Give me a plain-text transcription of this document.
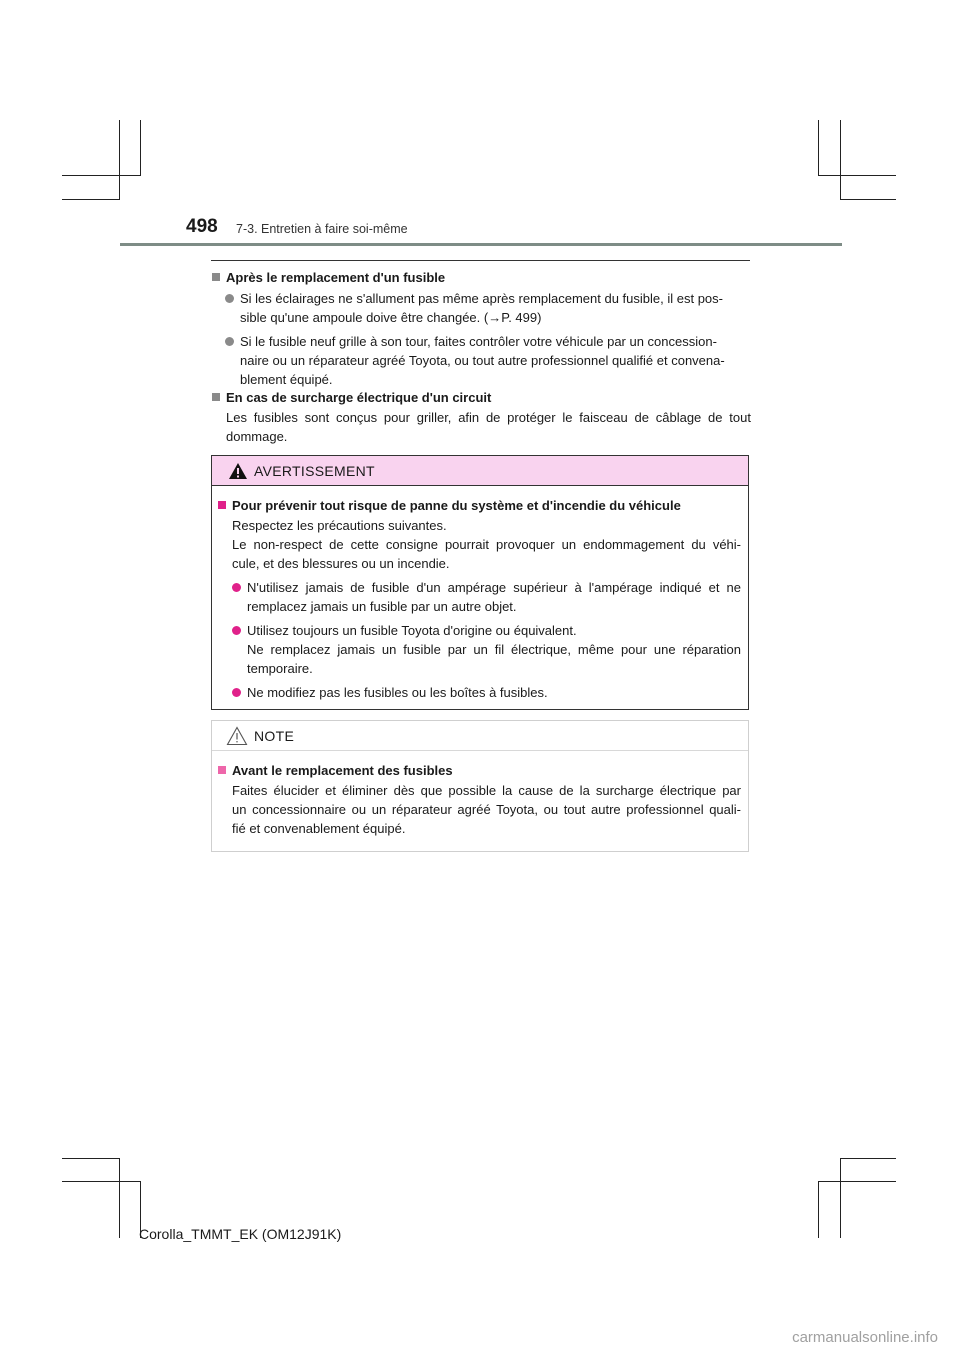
498 7-3. Entretien à faire soi-même
Après le remplacement d'un fusible
Si les éclairages ne s'allument pas même après remplacement du fusible, il est pos-
sible qu'une ampoule doive être changée. (→P. 499)
Si le fusible neuf grille à son tour, faites contrôler votre véhicule par un concession-
naire ou un réparateur agréé Toyota, ou tout autre professionnel qualifié et convena-
blement équipé.
En cas de surcharge électrique d'un circuit
Les fusibles sont conçus pour griller, afin de protéger le faisceau de câblage de tout
dommage.
AVERTISSEMENT
Pour prévenir tout risque de panne du système et d'incendie du véhicule
Respectez les précautions suivantes.
Le non-respect de cette consigne pourrait provoquer un endommagement du véhi-
cule, et des blessures ou un incendie.
N'utilisez jamais de fusible d'un ampérage supérieur à l'ampérage indiqué et ne
remplacez jamais un fusible par un autre objet.
Utilisez toujours un fusible Toyota d'origine ou équivalent.
Ne remplacez jamais un fusible par un fil électrique, même pour une réparation
temporaire.
Ne modifiez pas les fusibles ou les boîtes à fusibles.
NOTE
Avant le remplacement des fusibles
Faites élucider et éliminer dès que possible la cause de la surcharge électrique par
un concessionnaire ou un réparateur agréé Toyota, ou tout autre professionnel quali-
fié et convenablement équipé.
Corolla_TMMT_EK (OM12J91K)
carmanualsonline.info
